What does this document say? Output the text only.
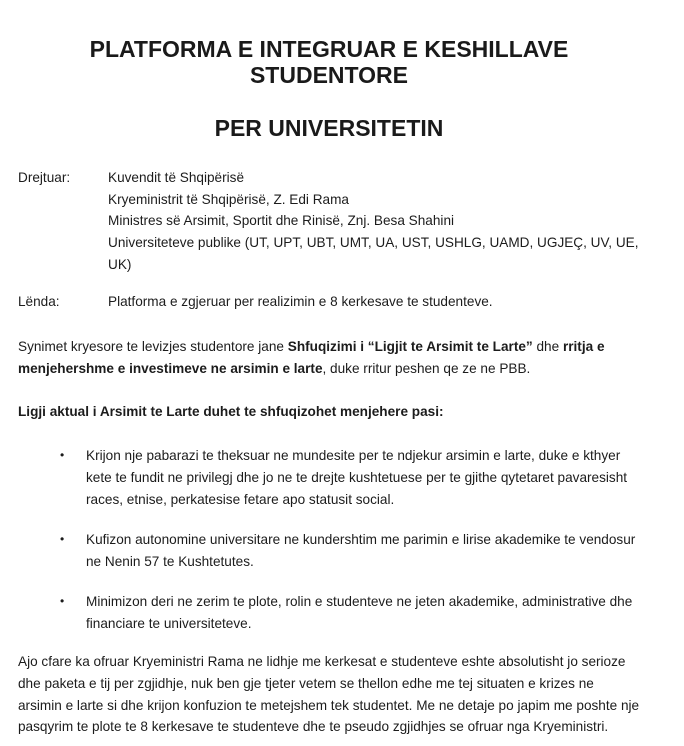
PLATFORMA E INTEGRUAR E KESHILLAVE STUDENTORE
PER UNIVERSITETIN
Drejtuar:	Kuvendit të Shqipërisë
Kryeministrit të Shqipërisë, Z. Edi Rama
Ministres së Arsimit, Sportit dhe Rinisë, Znj. Besa Shahini
Universiteteve publike (UT, UPT, UBT, UMT, UA, UST, USHLG, UAMD, UGJEÇ, UV, UE, UK)
Lënda:	Platforma e zgjeruar per realizimin e 8 kerkesave te studenteve.

Synimet kryesore te levizjes studentore jane Shfuqizimi i “Ligjit te Arsimit te Larte” dhe rritja e menjehershme e investimeve ne arsimin e larte, duke rritur peshen qe ze ne PBB.

Ligji aktual i Arsimit te Larte duhet te shfuqizohet menjehere pasi:

•	Krijon nje pabarazi te theksuar ne mundesite per te ndjekur arsimin e larte, duke e kthyer kete te fundit ne privilegj dhe jo ne te drejte kushtetuese per te gjithe qytetaret pavaresisht races, etnise, perkatesise fetare apo statusit social.
•	Kufizon autonomine universitare ne kundershtim me parimin e lirise akademike te vendosur ne Nenin 57 te Kushtetutes.
•	Minimizon deri ne zerim te plote, rolin e studenteve ne jeten akademike, administrative dhe financiare te universiteteve.

Ajo cfare ka ofruar Kryeministri Rama ne lidhje me kerkesat e studenteve eshte absolutisht jo serioze dhe paketa e tij per zgjidhje, nuk ben gje tjeter vetem se thellon edhe me tej situaten e krizes ne arsimin e larte si dhe krijon konfuzion te metejshem tek studentet. Me ne detaje po japim me poshte nje pasqyrim te plote te 8 kerkesave te studenteve dhe te pseudo zgjidhjes se ofruar nga Kryeministri.
